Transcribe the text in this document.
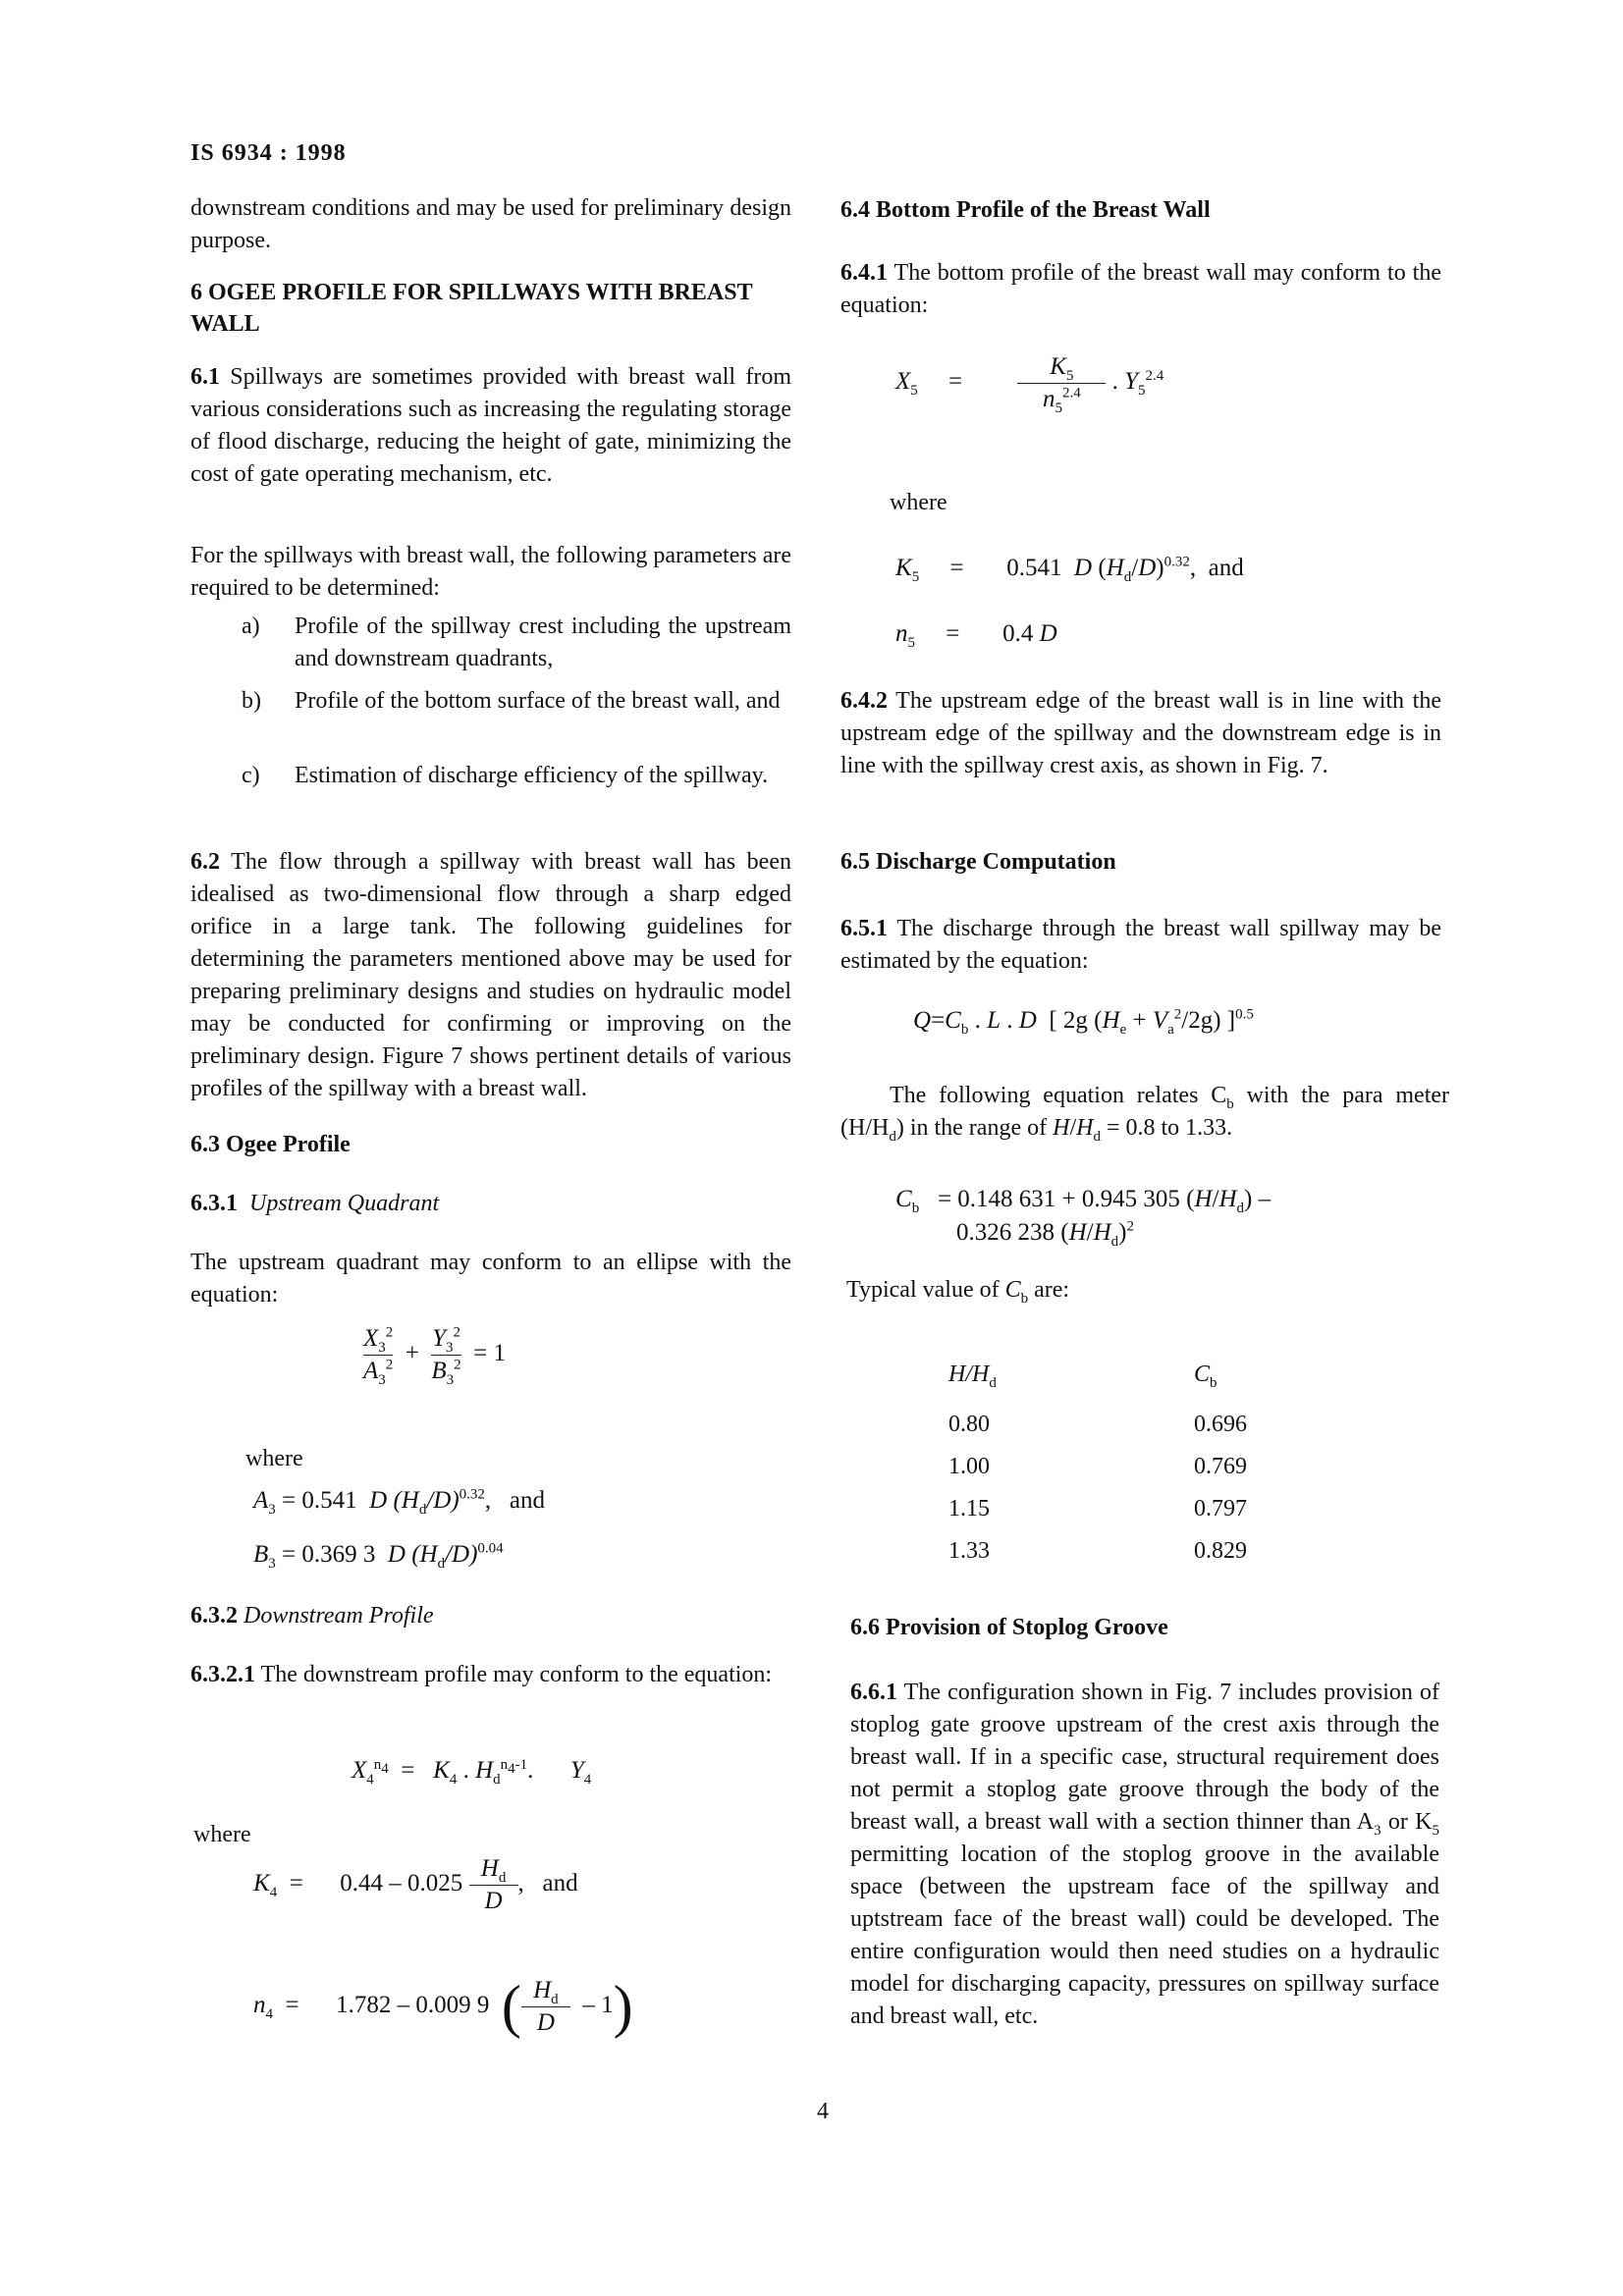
IS 6934 : 1998
downstream conditions and may be used for preliminary design purpose.
6 OGEE PROFILE FOR SPILLWAYS WITH BREAST WALL
6.1 Spillways are sometimes provided with breast wall from various considerations such as increasing the regulating storage of flood discharge, reducing the height of gate, minimizing the cost of gate operating mechanism, etc.
For the spillways with breast wall, the following parameters are required to be determined:
a) Profile of the spillway crest including the upstream and downstream quadrants,
b) Profile of the bottom surface of the breast wall, and
c) Estimation of discharge efficiency of the spillway.
6.2 The flow through a spillway with breast wall has been idealised as two-dimensional flow through a sharp edged orifice in a large tank. The following guidelines for determining the parameters mentioned above may be used for preparing preliminary designs and studies on hydraulic model may be conducted for confirming or improving on the preliminary design. Figure 7 shows pertinent details of various profiles of the spillway with a breast wall.
6.3 Ogee Profile
6.3.1 Upstream Quadrant
The upstream quadrant may conform to an ellipse with the equation:
$X_3^2$
$A_3^2 + Y_3^2$
$B_3^2 = 1$
where
$A_3 = 0.541$ D $(H_d/D)^{0.32}$,   and
$B_3 = 0.369$ 3 D $(H_d/D)^{0.04}$
6.3.2 Downstream Profile
6.3.2.1 The downstream profile may conform to the equation:
$X_4^{n_4} = K_4$ . $H_d^{n_4-1}$.      $Y_4$
where
$K_4 = 0.44 - 0.025$ $H_d$
D,   and
$n_4 = 1.782 - 0.009$ 9 ( $H_d$
D  – 1)
6.4 Bottom Profile of the Breast Wall
6.4.1 The bottom profile of the breast wall may conform to the equation:
$X_5$     =         $K_5$
$n_5^{2.4}$ . $Y_5^{2.4}$
where
$K_5$     =       0.541 D $(H_d/D)^{0.32}$,  and
$n_5$     =       0.4 D
6.4.2 The upstream edge of the breast wall is in line with the upstream edge of the spillway and the downstream edge is in line with the spillway crest axis, as shown in Fig. 7.
6.5 Discharge Computation
6.5.1 The discharge through the breast wall spillway may be estimated by the equation:
$Q=C_b$ . L . D  [ 2g $(H_e + V_a^2/2g)$ ]$^{0.5}$
The following equation relates $C_b$ with the para meter $(H/H_d)$ in the range of $H/H_d = 0.8$ to 1.33.
$C_b = 0.148$ 631 + 0.945 305 $(H/H_d)$ –
0.326 238 $(H/H_d)^2$
Typical value of $C_b$ are:
$H/H_d$	$C_b$
0.80	0.696
1.00	0.769
1.15	0.797
1.33	0.829
6.6 Provision of Stoplog Groove
6.6.1 The configuration shown in Fig. 7 includes provision of stoplog gate groove upstream of the crest axis through the breast wall. If in a specific case, structural requirement does not permit a stoplog gate groove through the body of the breast wall, a breast wall with a section thinner than $A_3$ or $K_5$ permitting location of the stoplog groove in the available space (between the upstream face of the spillway and uptstream face of the breast wall) could be developed. The entire configuration would then need studies on a hydraulic model for discharging capacity, pressures on spillway surface and breast wall, etc.
4
